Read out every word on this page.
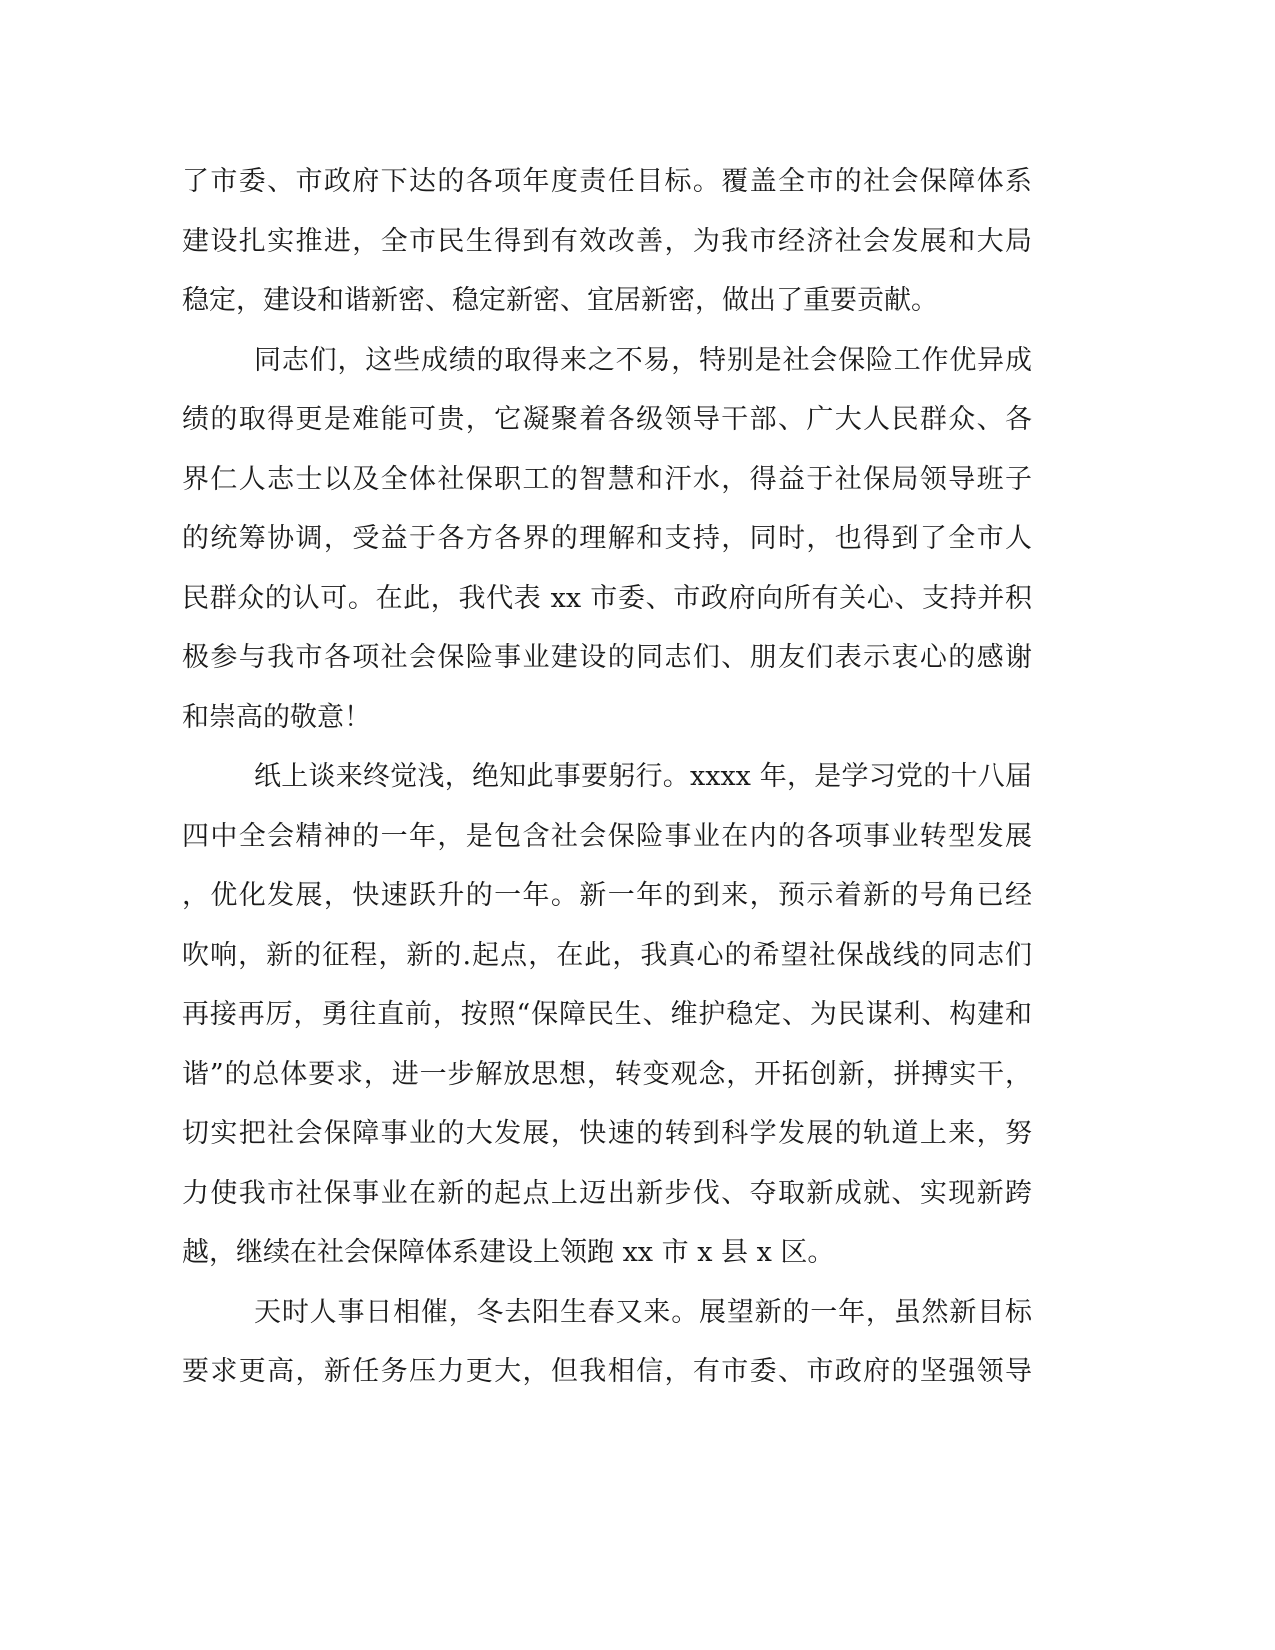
了市委、市政府下达的各项年度责任目标。覆盖全市的社会保障体系
建设扎实推进，全市民生得到有效改善，为我市经济社会发展和大局
稳定，建设和谐新密、稳定新密、宜居新密，做出了重要贡献。
同志们，这些成绩的取得来之不易，特别是社会保险工作优异成
绩的取得更是难能可贵，它凝聚着各级领导干部、广大人民群众、各
界仁人志士以及全体社保职工的智慧和汗水，得益于社保局领导班子
的统筹协调，受益于各方各界的理解和支持，同时，也得到了全市人
民群众的认可。在此，我代表 xx 市委、市政府向所有关心、支持并积
极参与我市各项社会保险事业建设的同志们、朋友们表示衷心的感谢
和崇高的敬意！
纸上谈来终觉浅，绝知此事要躬行。xxxx 年，是学习党的十八届
四中全会精神的一年，是包含社会保险事业在内的各项事业转型发展
，优化发展，快速跃升的一年。新一年的到来，预示着新的号角已经
吹响，新的征程，新的.起点，在此，我真心的希望社保战线的同志们
再接再厉，勇往直前，按照“保障民生、维护稳定、为民谋利、构建和
谐”的总体要求，进一步解放思想，转变观念，开拓创新，拼搏实干，
切实把社会保障事业的大发展，快速的转到科学发展的轨道上来，努
力使我市社保事业在新的起点上迈出新步伐、夺取新成就、实现新跨
越，继续在社会保障体系建设上领跑 xx 市 x 县 x 区。
天时人事日相催，冬去阳生春又来。展望新的一年，虽然新目标
要求更高，新任务压力更大，但我相信，有市委、市政府的坚强领导
